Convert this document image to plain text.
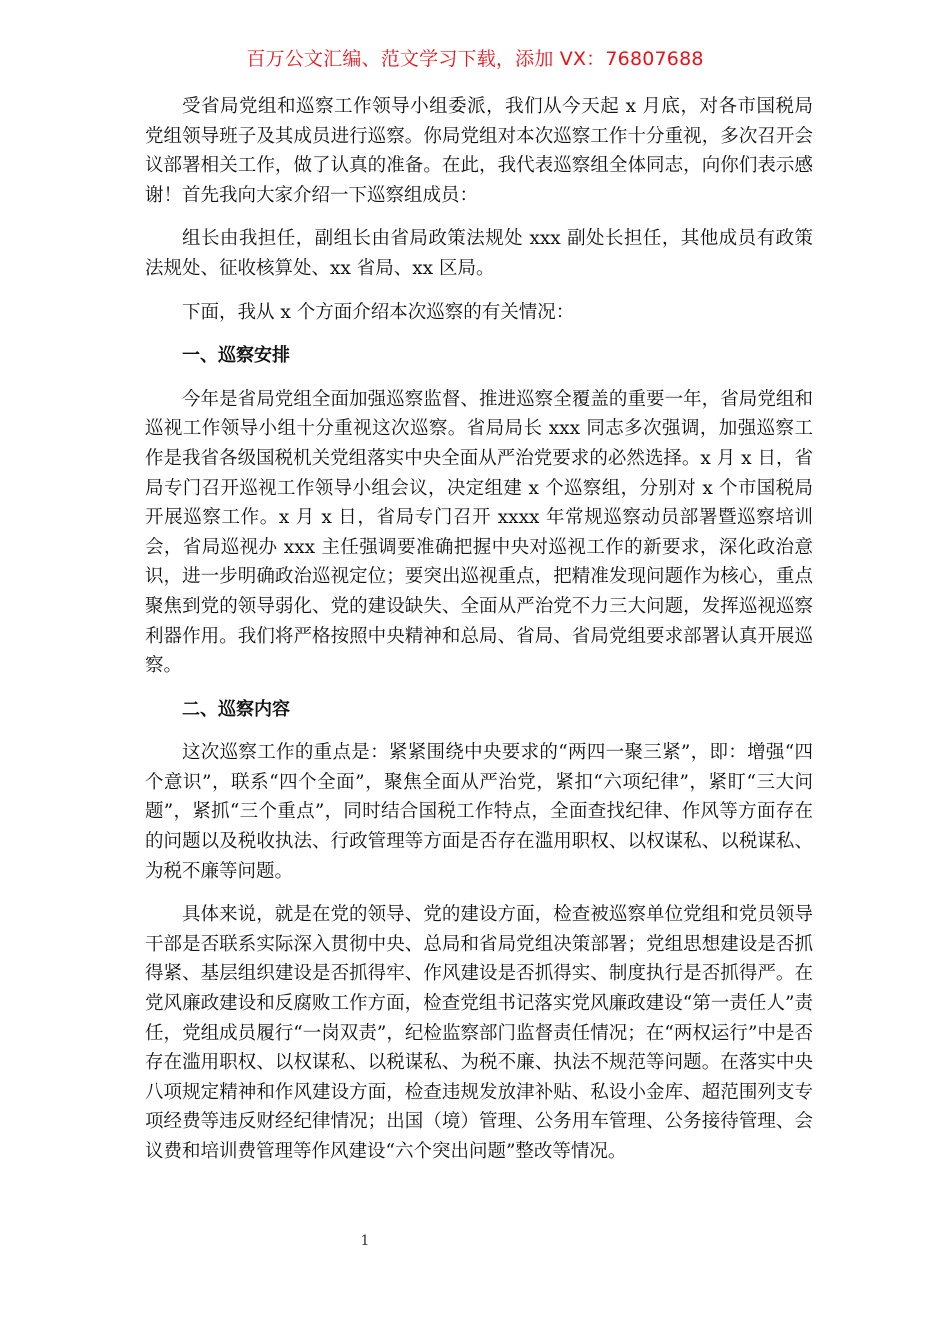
百万公文汇编、范文学习下载，添加 VX：76807688

受省局党组和巡察工作领导小组委派，我们从今天起 x 月底，对各市国税局党组领导班子及其成员进行巡察。你局党组对本次巡察工作十分重视，多次召开会议部署相关工作，做了认真的准备。在此，我代表巡察组全体同志，向你们表示感谢！首先我向大家介绍一下巡察组成员：

组长由我担任，副组长由省局政策法规处 xxx 副处长担任，其他成员有政策法规处、征收核算处、xx 省局、xx 区局。

下面，我从 x 个方面介绍本次巡察的有关情况：

一、巡察安排

今年是省局党组全面加强巡察监督、推进巡察全覆盖的重要一年，省局党组和巡视工作领导小组十分重视这次巡察。省局局长 xxx 同志多次强调，加强巡察工作是我省各级国税机关党组落实中央全面从严治党要求的必然选择。x 月 x 日，省局专门召开巡视工作领导小组会议，决定组建 x 个巡察组，分别对 x 个市国税局开展巡察工作。x 月 x 日，省局专门召开 xxxx 年常规巡察动员部署暨巡察培训会，省局巡视办 xxx 主任强调要准确把握中央对巡视工作的新要求，深化政治意识，进一步明确政治巡视定位；要突出巡视重点，把精准发现问题作为核心，重点聚焦到党的领导弱化、党的建设缺失、全面从严治党不力三大问题，发挥巡视巡察利器作用。我们将严格按照中央精神和总局、省局、省局党组要求部署认真开展巡察。

二、巡察内容

这次巡察工作的重点是：紧紧围绕中央要求的“两四一聚三紧”，即：增强“四个意识”，联系“四个全面”，聚焦全面从严治党，紧扣“六项纪律”，紧盯“三大问题”，紧抓“三个重点”，同时结合国税工作特点，全面查找纪律、作风等方面存在的问题以及税收执法、行政管理等方面是否存在滥用职权、以权谋私、以税谋私、为税不廉等问题。

具体来说，就是在党的领导、党的建设方面，检查被巡察单位党组和党员领导干部是否联系实际深入贯彻中央、总局和省局党组决策部署；党组思想建设是否抓得紧、基层组织建设是否抓得牢、作风建设是否抓得实、制度执行是否抓得严。在党风廉政建设和反腐败工作方面，检查党组书记落实党风廉政建设“第一责任人”责任，党组成员履行“一岗双责”，纪检监察部门监督责任情况；在“两权运行”中是否存在滥用职权、以权谋私、以税谋私、为税不廉、执法不规范等问题。在落实中央八项规定精神和作风建设方面，检查违规发放津补贴、私设小金库、超范围列支专项经费等违反财经纪律情况；出国（境）管理、公务用车管理、公务接待管理、会议费和培训费管理等作风建设“六个突出问题”整改等情况。

1
